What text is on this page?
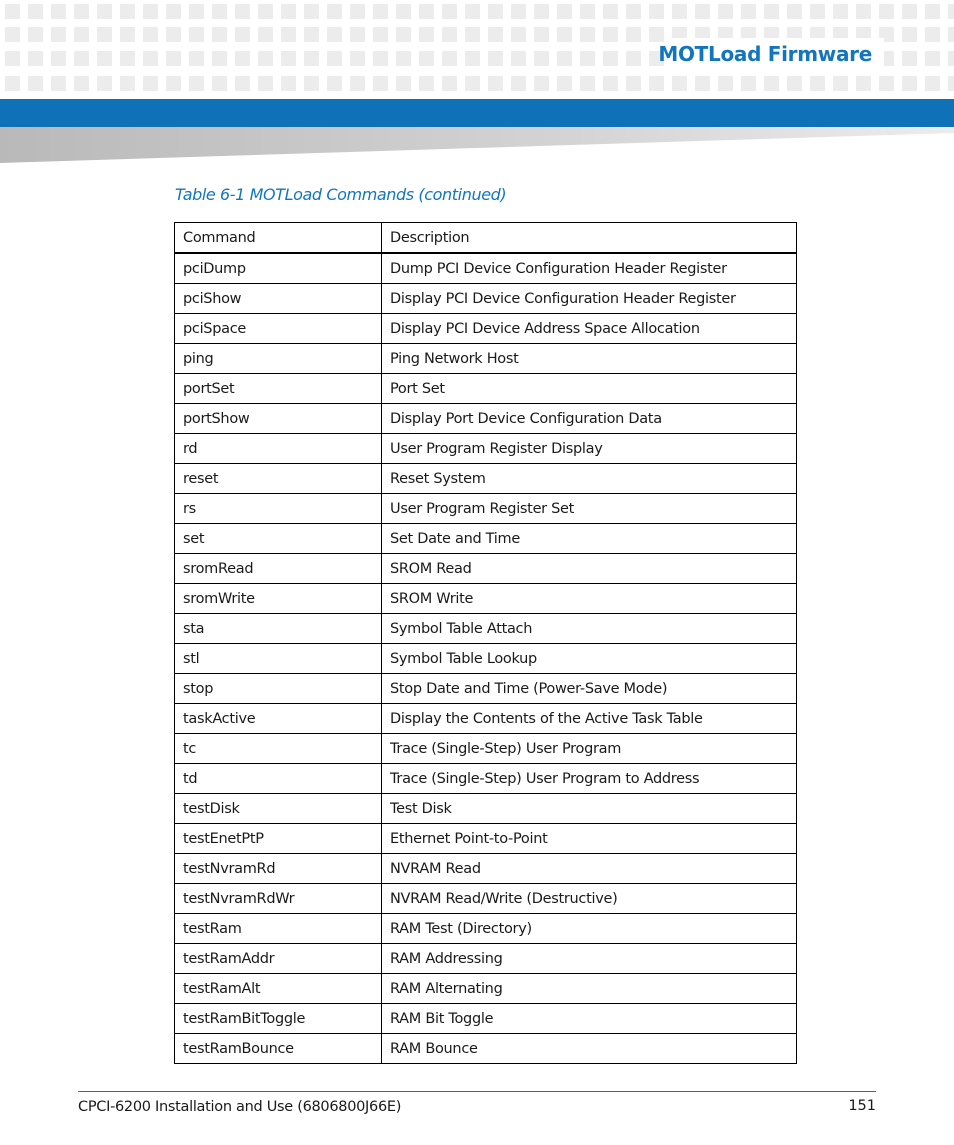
MOTLoad Firmware
Table 6-1 MOTLoad Commands (continued)
Command	Description
pciDump	Dump PCI Device Configuration Header Register
pciShow	Display PCI Device Configuration Header Register
pciSpace	Display PCI Device Address Space Allocation
ping	Ping Network Host
portSet	Port Set
portShow	Display Port Device Configuration Data
rd	User Program Register Display
reset	Reset System
rs	User Program Register Set
set	Set Date and Time
sromRead	SROM Read
sromWrite	SROM Write
sta	Symbol Table Attach
stl	Symbol Table Lookup
stop	Stop Date and Time (Power-Save Mode)
taskActive	Display the Contents of the Active Task Table
tc	Trace (Single-Step) User Program
td	Trace (Single-Step) User Program to Address
testDisk	Test Disk
testEnetPtP	Ethernet Point-to-Point
testNvramRd	NVRAM Read
testNvramRdWr	NVRAM Read/Write (Destructive)
testRam	RAM Test (Directory)
testRamAddr	RAM Addressing
testRamAlt	RAM Alternating
testRamBitToggle	RAM Bit Toggle
testRamBounce	RAM Bounce
CPCI-6200 Installation and Use (6806800J66E)	151
